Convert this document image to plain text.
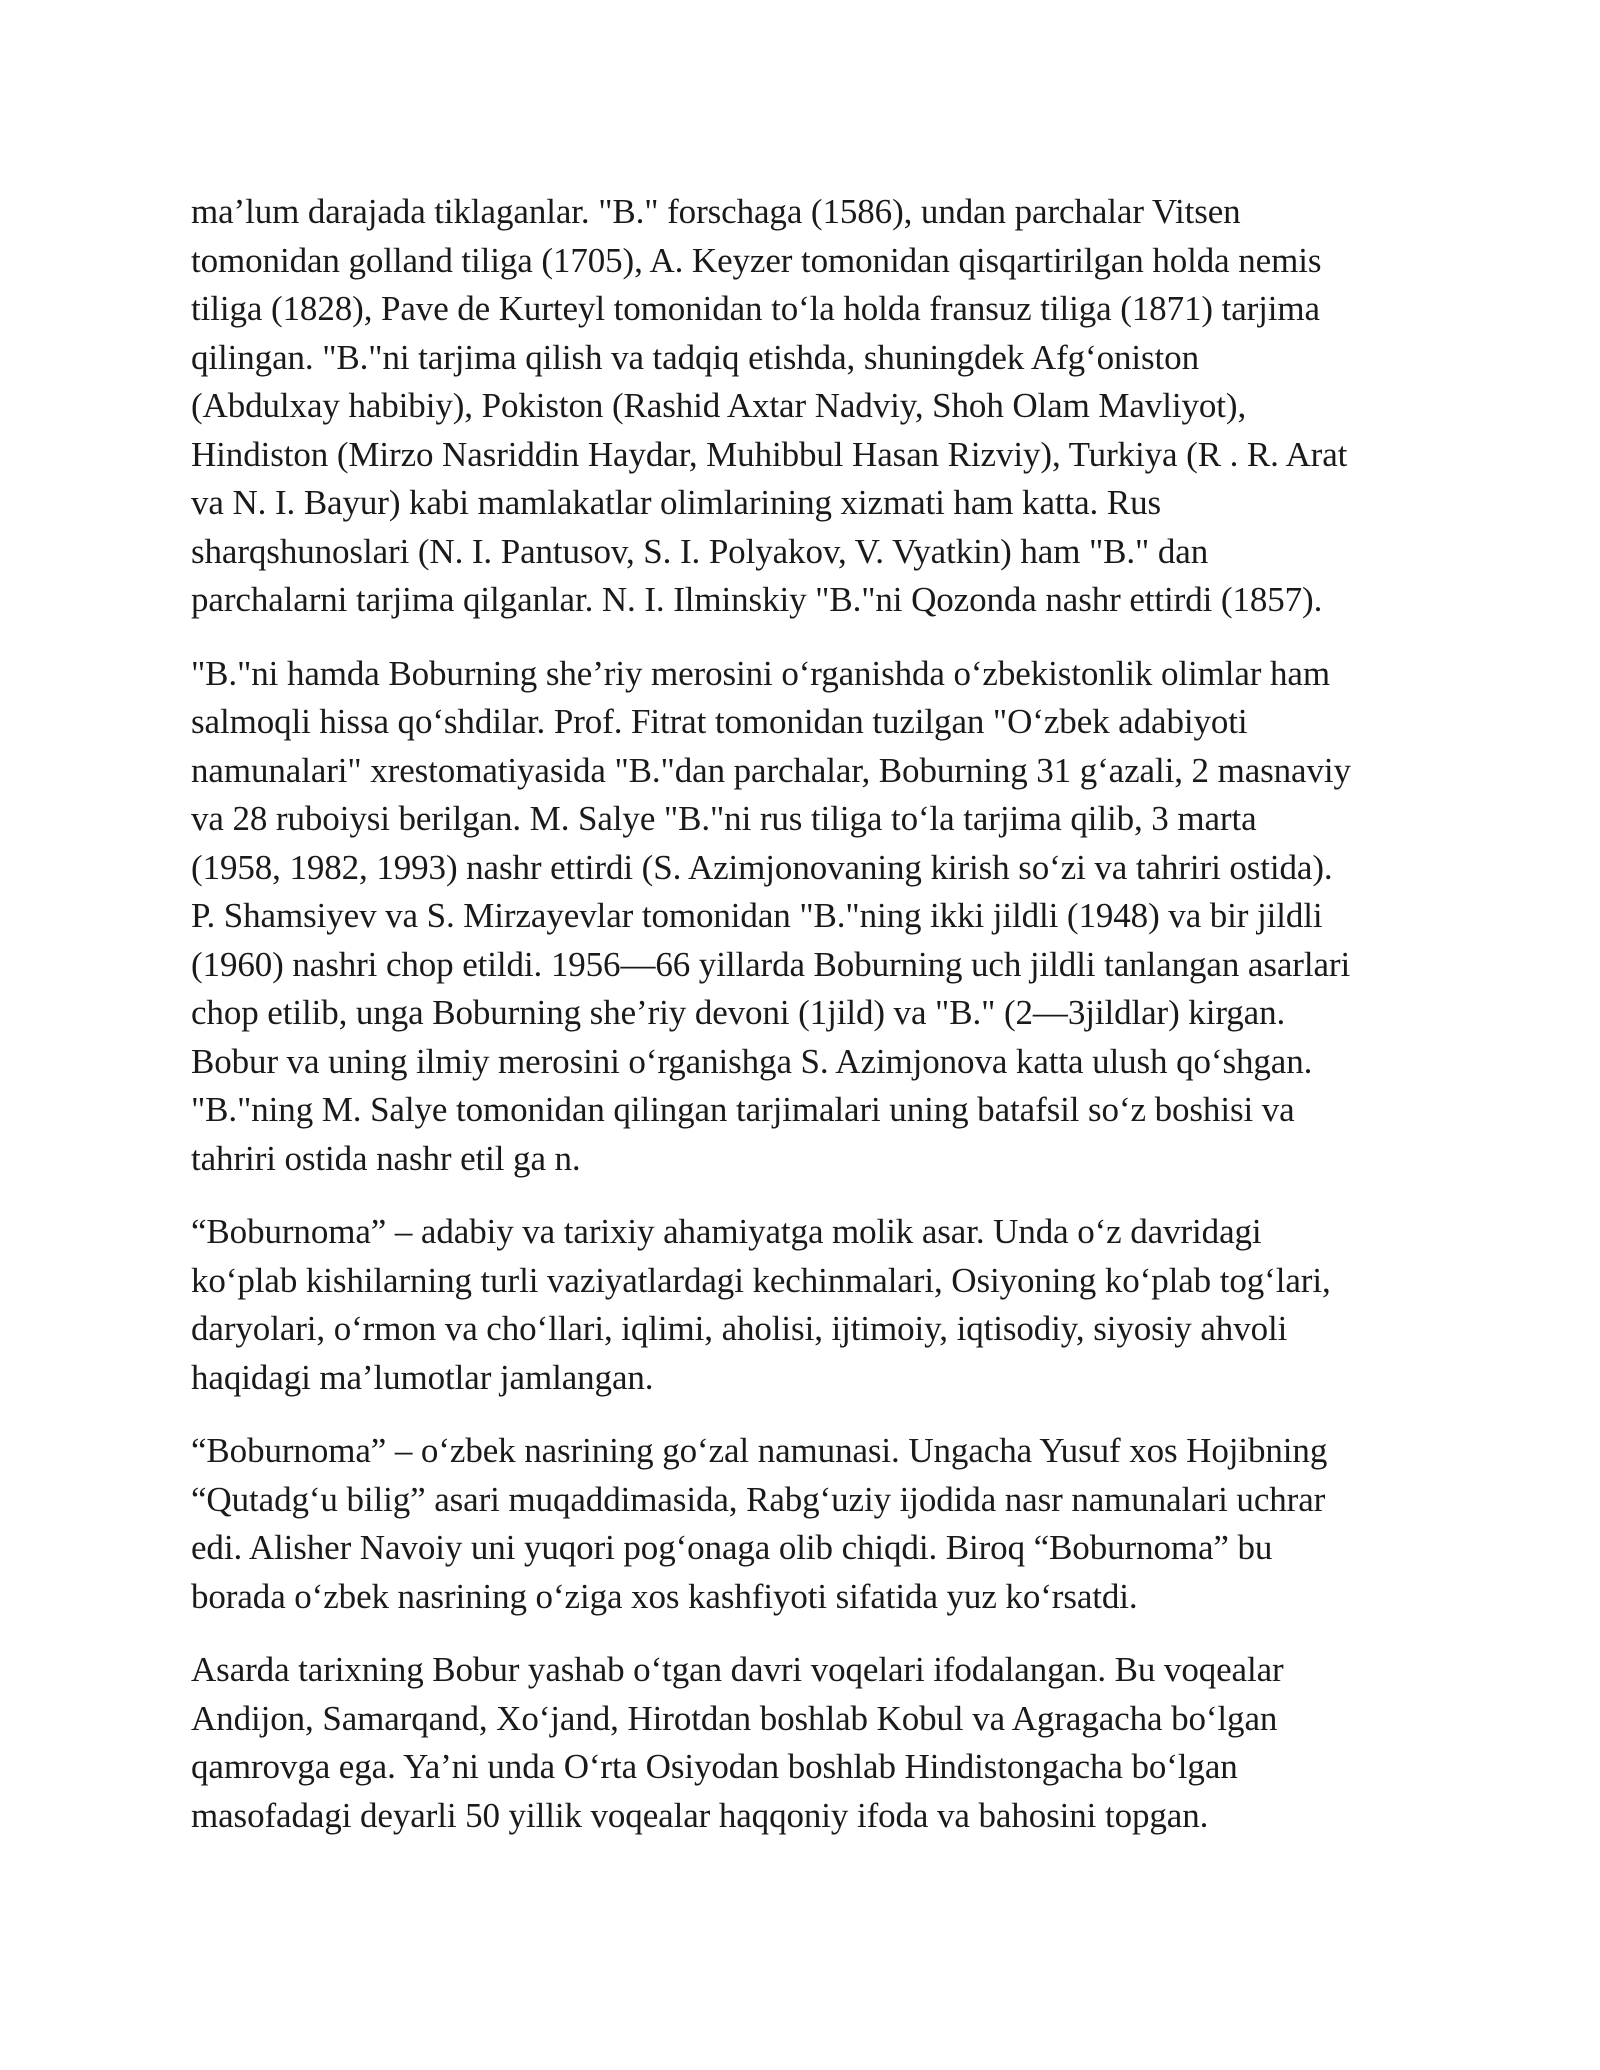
ma’lum darajada tiklaganlar. "B." forschaga (1586), undan parchalar Vitsen
tomonidan golland tiliga (1705), A. Keyzer tomonidan qisqartirilgan holda nemis
tiliga (1828), Pave de Kurteyl tomonidan to‘la holda fransuz tiliga (1871) tarjima
qilingan. "B."ni tarjima qilish va tadqiq etishda, shuningdek Afg‘oniston
(Abdulxay habibiy), Pokiston (Rashid Axtar Nadviy, Shoh Olam Mavliyot),
Hindiston (Mirzo Nasriddin Haydar, Muhibbul Hasan Rizviy), Turkiya (R . R. Arat
va N. I. Bayur) kabi mamlakatlar olimlarining xizmati ham katta. Rus
sharqshunoslari (N. I. Pantusov, S. I. Polyakov, V. Vyatkin) ham "B." dan
parchalarni tarjima qilganlar. N. I. Ilminskiy "B."ni Qozonda nashr ettirdi (1857).

"B."ni hamda Boburning she’riy merosini o‘rganishda o‘zbekistonlik olimlar ham
salmoqli hissa qo‘shdilar. Prof. Fitrat tomonidan tuzilgan "O‘zbek adabiyoti
namunalari" xrestomatiyasida "B."dan parchalar, Boburning 31 g‘azali, 2 masnaviy
va 28 ruboiysi berilgan. M. Salye "B."ni rus tiliga to‘la tarjima qilib, 3 marta
(1958, 1982, 1993) nashr ettirdi (S. Azimjonovaning kirish so‘zi va tahriri ostida).
P. Shamsiyev va S. Mirzayevlar tomonidan "B."ning ikki jildli (1948) va bir jildli
(1960) nashri chop etildi. 1956—66 yillarda Boburning uch jildli tanlangan asarlari
chop etilib, unga Boburning she’riy devoni (1jild) va "B." (2—3jildlar) kirgan.
Bobur va uning ilmiy merosini o‘rganishga S. Azimjonova katta ulush qo‘shgan.
"B."ning M. Salye tomonidan qilingan tarjimalari uning batafsil so‘z boshisi va
tahriri ostida nashr etil ga n.

“Boburnoma” – adabiy va tarixiy ahamiyatga molik asar. Unda o‘z davridagi
ko‘plab kishilarning turli vaziyatlardagi kechinmalari, Osiyoning ko‘plab tog‘lari,
daryolari, o‘rmon va cho‘llari, iqlimi, aholisi, ijtimoiy, iqtisodiy, siyosiy ahvoli
haqidagi ma’lumotlar jamlangan.

“Boburnoma” – o‘zbek nasrining go‘zal namunasi. Ungacha Yusuf xos Hojibning
“Qutadg‘u bilig” asari muqaddimasida, Rabg‘uziy ijodida nasr namunalari uchrar
edi. Alisher Navoiy uni yuqori pog‘onaga olib chiqdi. Biroq “Boburnoma” bu
borada o‘zbek nasrining o‘ziga xos kashfiyoti sifatida yuz ko‘rsatdi.

Asarda tarixning Bobur yashab o‘tgan davri voqelari ifodalangan. Bu voqealar
Andijon, Samarqand, Xo‘jand, Hirotdan boshlab Kobul va Agragacha bo‘lgan
qamrovga ega. Ya’ni unda O‘rta Osiyodan boshlab Hindistongacha bo‘lgan
masofadagi deyarli 50 yillik voqealar haqqoniy ifoda va bahosini topgan.
